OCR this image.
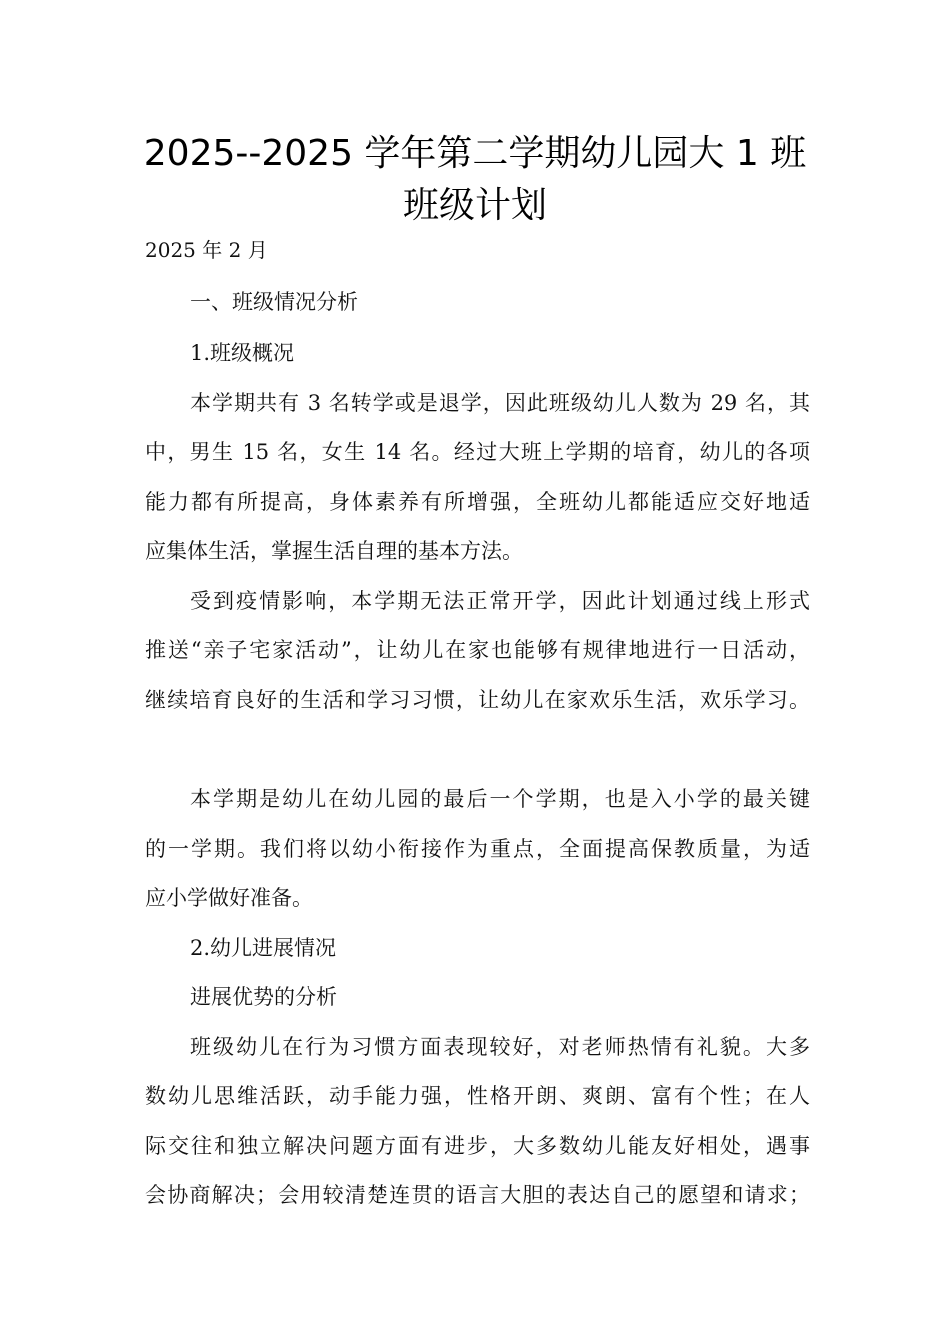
2025--2025 学年第二学期幼儿园大 1 班
班级计划
2025 年 2 月
一、班级情况分析
1.班级概况
本学期共有 3 名转学或是退学，因此班级幼儿人数为 29 名，其
中，男生 15 名，女生 14 名。经过大班上学期的培育，幼儿的各项
能力都有所提高，身体素养有所增强，全班幼儿都能适应交好地适
应集体生活，掌握生活自理的基本方法。
受到疫情影响，本学期无法正常开学，因此计划通过线上形式
推送“亲子宅家活动”，让幼儿在家也能够有规律地进行一日活动，
继续培育良好的生活和学习习惯，让幼儿在家欢乐生活，欢乐学习。
本学期是幼儿在幼儿园的最后一个学期，也是入小学的最关键
的一学期。我们将以幼小衔接作为重点，全面提高保教质量，为适
应小学做好准备。
2.幼儿进展情况
进展优势的分析
班级幼儿在行为习惯方面表现较好，对老师热情有礼貌。大多
数幼儿思维活跃，动手能力强，性格开朗、爽朗、富有个性；在人
际交往和独立解决问题方面有进步，大多数幼儿能友好相处，遇事
会协商解决；会用较清楚连贯的语言大胆的表达自己的愿望和请求；
